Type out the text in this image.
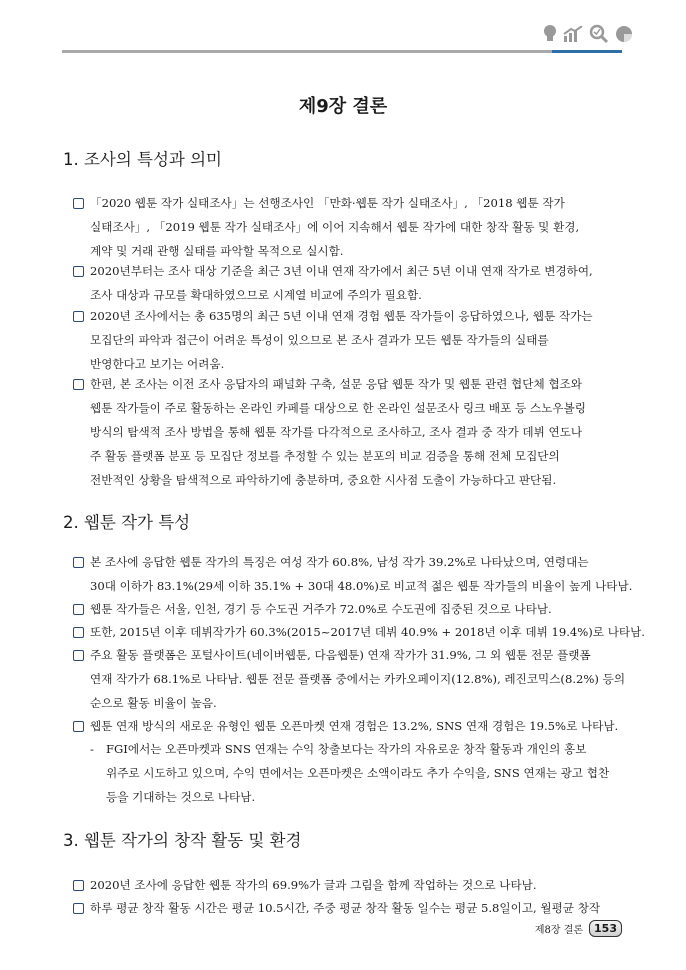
제9장 결론
1. 조사의 특성과 의미
「2020 웹툰 작가 실태조사」는 선행조사인 「만화·웹툰 작가 실태조사」, 「2018 웹툰 작가
실태조사」, 「2019 웹툰 작가 실태조사」에 이어 지속해서 웹툰 작가에 대한 창작 활동 및 환경,
계약 및 거래 관행 실태를 파악할 목적으로 실시함.
2020년부터는 조사 대상 기준을 최근 3년 이내 연재 작가에서 최근 5년 이내 연재 작가로 변경하여,
조사 대상과 규모를 확대하였으므로 시계열 비교에 주의가 필요함.
2020년 조사에서는 총 635명의 최근 5년 이내 연재 경험 웹툰 작가들이 응답하였으나, 웹툰 작가는
모집단의 파악과 접근이 어려운 특성이 있으므로 본 조사 결과가 모든 웹툰 작가들의 실태를
반영한다고 보기는 어려움.
한편, 본 조사는 이전 조사 응답자의 패널화 구축, 설문 응답 웹툰 작가 및 웹툰 관련 협단체 협조와
웹툰 작가들이 주로 활동하는 온라인 카페를 대상으로 한 온라인 설문조사 링크 배포 등 스노우볼링
방식의 탐색적 조사 방법을 통해 웹툰 작가를 다각적으로 조사하고, 조사 결과 중 작가 데뷔 연도나
주 활동 플랫폼 분포 등 모집단 정보를 추정할 수 있는 분포의 비교 검증을 통해 전체 모집단의
전반적인 상황을 탐색적으로 파악하기에 충분하며, 중요한 시사점 도출이 가능하다고 판단됨.
2. 웹툰 작가 특성
본 조사에 응답한 웹툰 작가의 특징은 여성 작가 60.8%, 남성 작가 39.2%로 나타났으며, 연령대는
30대 이하가 83.1%(29세 이하 35.1% + 30대 48.0%)로 비교적 젊은 웹툰 작가들의 비율이 높게 나타남.
웹툰 작가들은 서울, 인천, 경기 등 수도권 거주가 72.0%로 수도권에 집중된 것으로 나타남.
또한, 2015년 이후 데뷔작가가 60.3%(2015~2017년 데뷔 40.9% + 2018년 이후 데뷔 19.4%)로 나타남.
주요 활동 플랫폼은 포털사이트(네이버웹툰, 다음웹툰) 연재 작가가 31.9%, 그 외 웹툰 전문 플랫폼
연재 작가가 68.1%로 나타남. 웹툰 전문 플랫폼 중에서는 카카오페이지(12.8%), 레진코믹스(8.2%) 등의
순으로 활동 비율이 높음.
웹툰 연재 방식의 새로운 유형인 웹툰 오픈마켓 연재 경험은 13.2%, SNS 연재 경험은 19.5%로 나타남.
- FGI에서는 오픈마켓과 SNS 연재는 수익 창출보다는 작가의 자유로운 창작 활동과 개인의 홍보
위주로 시도하고 있으며, 수익 면에서는 오픈마켓은 소액이라도 추가 수익을, SNS 연재는 광고 협찬
등을 기대하는 것으로 나타남.
3. 웹툰 작가의 창작 활동 및 환경
2020년 조사에 응답한 웹툰 작가의 69.9%가 글과 그림을 함께 작업하는 것으로 나타남.
하루 평균 창작 활동 시간은 평균 10.5시간, 주중 평균 창작 활동 일수는 평균 5.8일이고, 월평균 창작
제8장 결론	153
